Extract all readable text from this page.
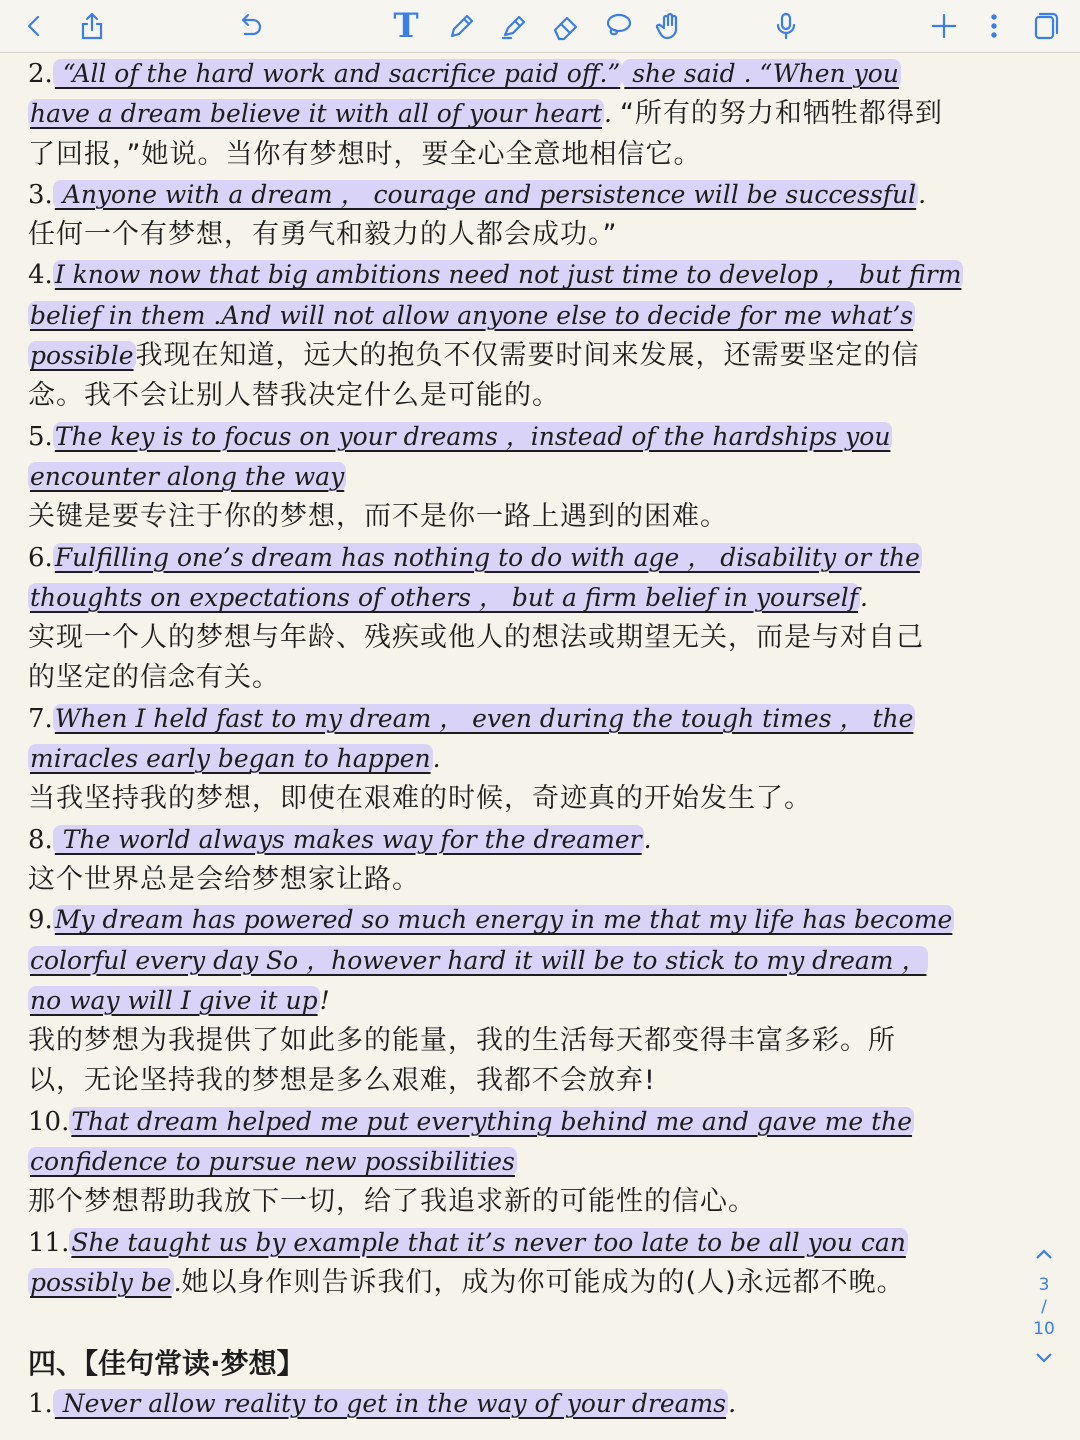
T
2. “All of the hard work and sacrifice paid off.” she said . “When you
have a dream believe it with all of your heart. “所有的努力和牺牲都得到
了回报，”她说。当你有梦想时，要全心全意地相信它。
3. Anyone with a dream ， courage and persistence will be successful.
任何一个有梦想，有勇气和毅力的人都会成功。”
4.I know now that big ambitions need not just time to develop ， but firm
belief in them .And will not allow anyone else to decide for me what’s
possible我现在知道，远大的抱负不仅需要时间来发展，还需要坚定的信
念。我不会让别人替我决定什么是可能的。
5.The key is to focus on your dreams ，instead of the hardships you
encounter along the way
关键是要专注于你的梦想，而不是你一路上遇到的困难。
6.Fulfilling one’s dream has nothing to do with age ， disability or the
thoughts on expectations of others ， but a firm belief in yourself.
实现一个人的梦想与年龄、残疾或他人的想法或期望无关，而是与对自己
的坚定的信念有关。
7.When I held fast to my dream ， even during the tough times ， the
miracles early began to happen.
当我坚持我的梦想，即使在艰难的时候，奇迹真的开始发生了。
8. The world always makes way for the dreamer.
这个世界总是会给梦想家让路。
9.My dream has powered so much energy in me that my life has become
colorful every day So ，however hard it will be to stick to my dream ，
no way will I give it up!
我的梦想为我提供了如此多的能量，我的生活每天都变得丰富多彩。所
以，无论坚持我的梦想是多么艰难，我都不会放弃!
10.That dream helped me put everything behind me and gave me the
confidence to pursue new possibilities
那个梦想帮助我放下一切，给了我追求新的可能性的信心。
11.She taught us by example that it’s never too late to be all you can
possibly be.她以身作则告诉我们，成为你可能成为的(人)永远都不晚。
四、【佳句常读·梦想】
1. Never allow reality to get in the way of your dreams.
3
/
10
